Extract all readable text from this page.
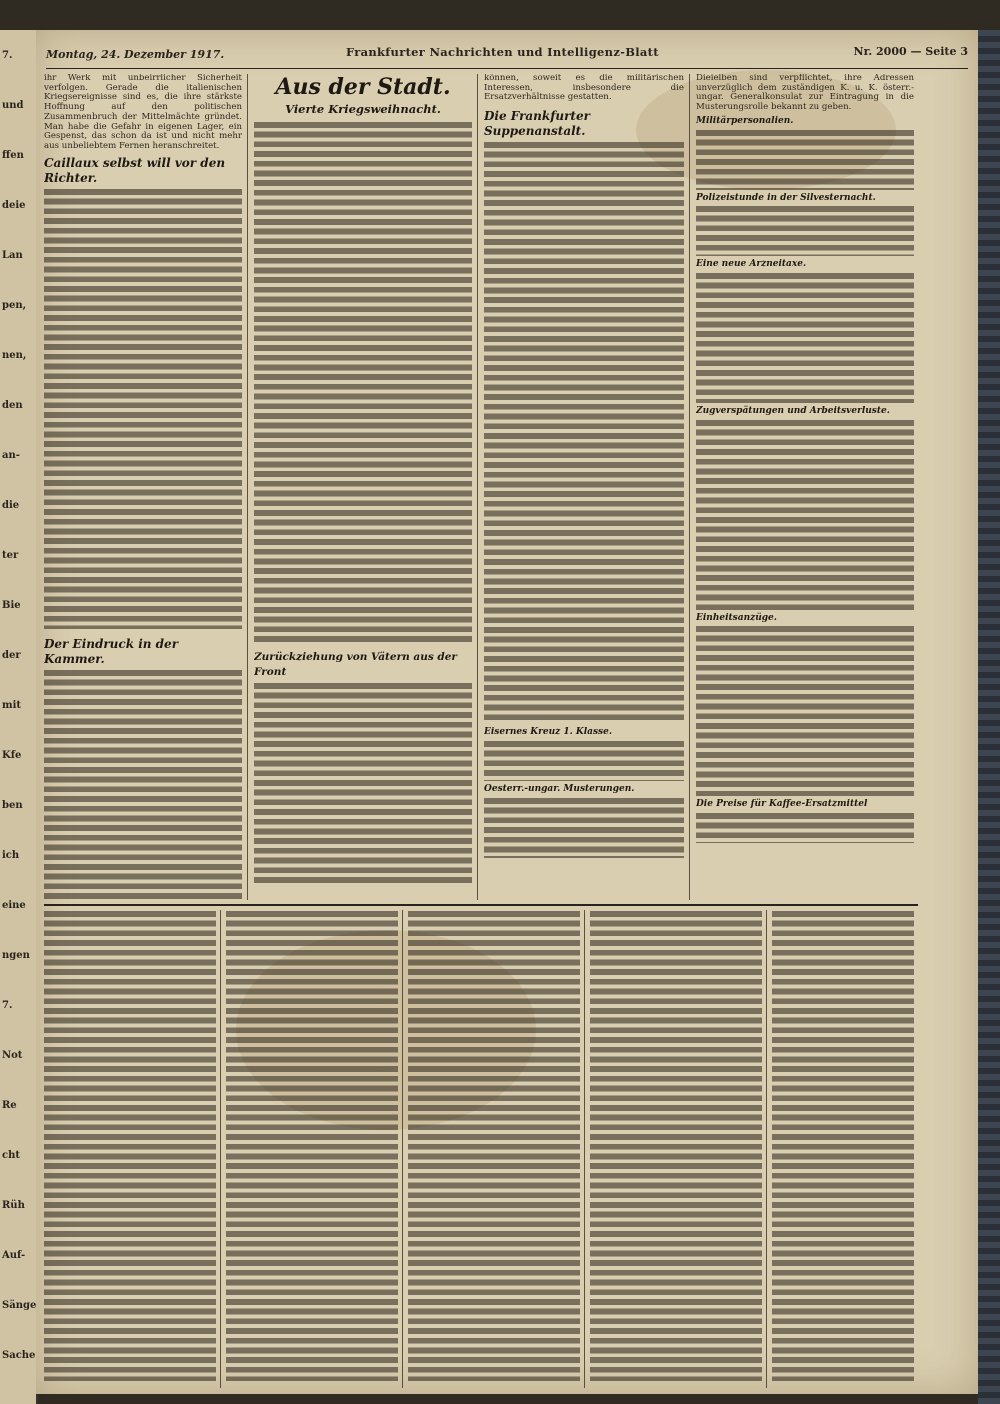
7.
und
ffen
deie
Lan
pen,
nen,
den
an-
die
ter
Bie
der
mit
Kfe
ben
ich
eine
ngen
7.
Not
Re
cht
Rüh
Auf-
Sänge
Sache
Montag, 24. Dezember 1917.	Frankfurter Nachrichten und Intelligenz-Blatt	Nr. 2000 — Seite 3

ihr Werk mit unbeirrlicher Sicherheit verfolgen. Gerade die italienischen Kriegsereignisse sind es, die ihre stärkste Hoffnung auf den politischen Zusammenbruch der Mittelmächte gründet. Man habe die Gefahr in eigenen Lager, ein Gespenst, das schon da ist und nicht mehr aus unbeliebtem Fernen heranschreitet.

Caillaux selbst will vor den Richter.
Der Eindruck in der Kammer.
Aus der Stadt.
Vierte Kriegsweihnacht.
Zurückziehung von Vätern aus der Front

können, soweit es die militärischen Interessen, insbesondere die Ersatzverhältnisse gestatten.

Die Frankfurter Suppenanstalt.
Eisernes Kreuz 1. Klasse.
Oesterr.-ungar. Musterungen.

Dieielben sind verpflichtet, ihre Adressen unverzüglich dem zuständigen K. u. K. österr.-ungar. Generalkonsulat zur Eintragung in die Musterungsrolle bekannt zu geben.

Militärpersonalien.
Polizeistunde in der Silvesternacht.
Eine neue Arzneitaxe.
Zugverspätungen und Arbeitsverluste.
Einheitsanzüge.
Die Preise für Kaffee-Ersatzmittel
